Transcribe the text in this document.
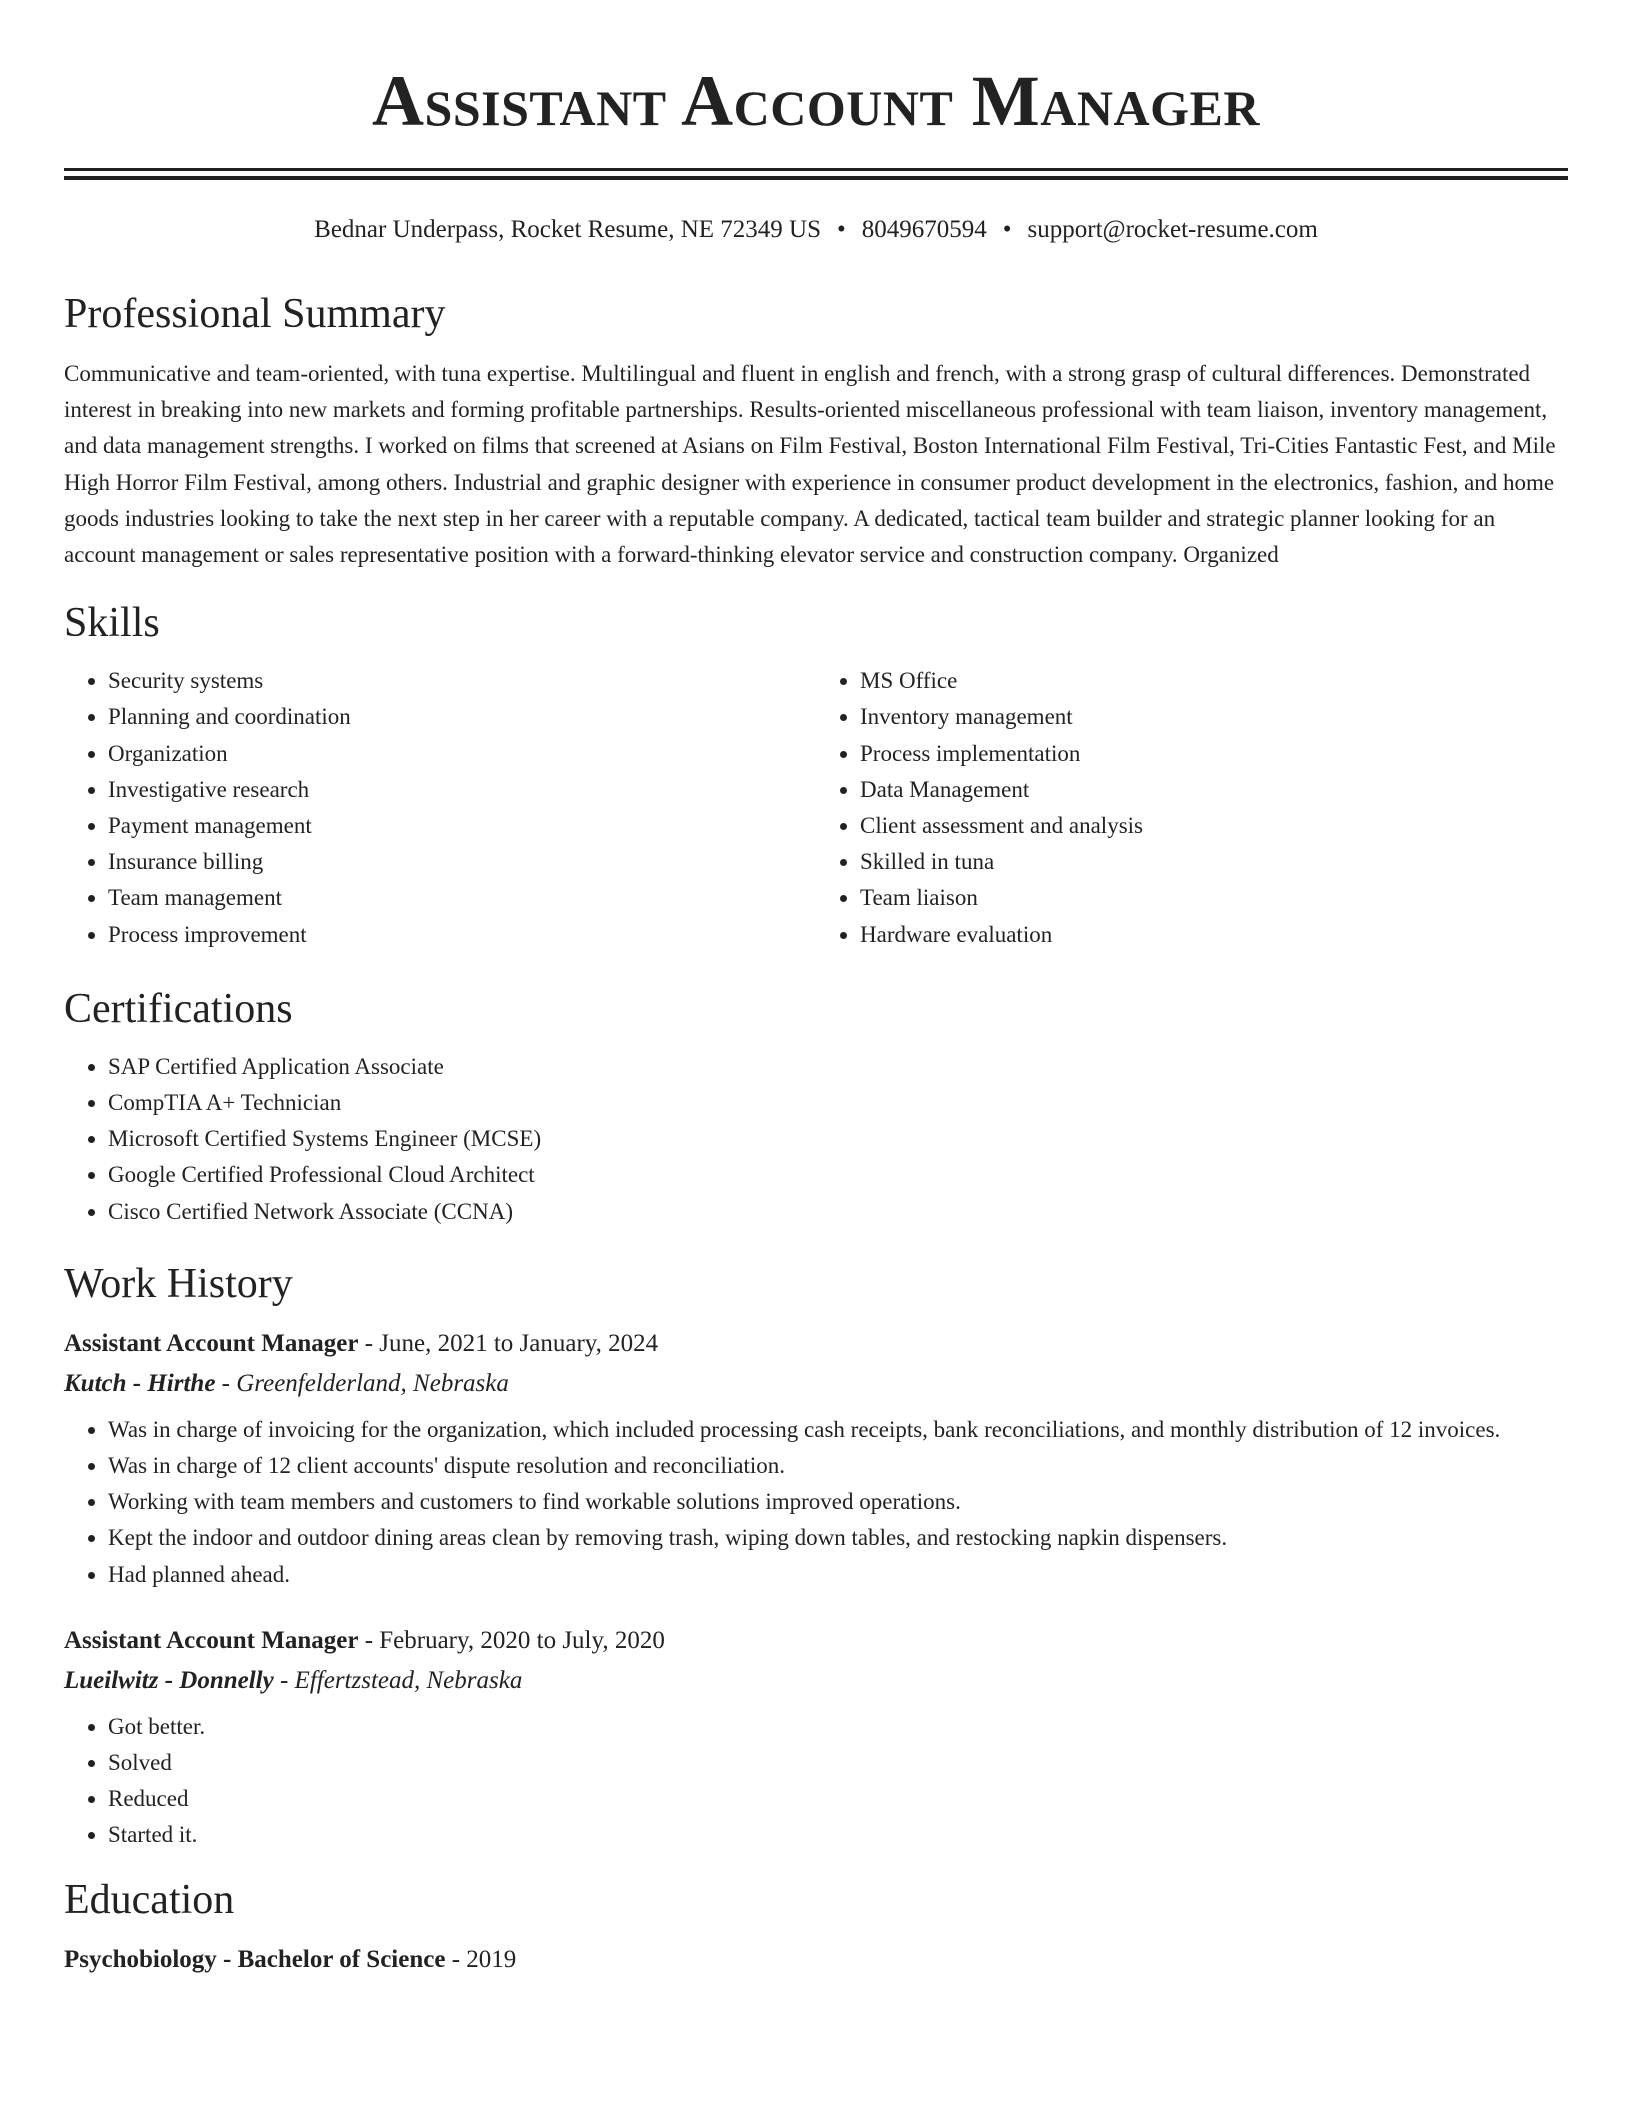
Assistant Account Manager
Bednar Underpass, Rocket Resume, NE 72349 US • 8049670594 • support@rocket-resume.com
Professional Summary

Communicative and team-oriented, with tuna expertise. Multilingual and fluent in english and french, with a strong grasp of cultural differences. Demonstrated interest in breaking into new markets and forming profitable partnerships. Results-oriented miscellaneous professional with team liaison, inventory management, and data management strengths. I worked on films that screened at Asians on Film Festival, Boston International Film Festival, Tri-Cities Fantastic Fest, and Mile High Horror Film Festival, among others. Industrial and graphic designer with experience in consumer product development in the electronics, fashion, and home goods industries looking to take the next step in her career with a reputable company. A dedicated, tactical team builder and strategic planner looking for an account management or sales representative position with a forward-thinking elevator service and construction company. Organized

Skills
• Security systems
• Planning and coordination
• Organization
• Investigative research
• Payment management
• Insurance billing
• Team management
• Process improvement
• MS Office
• Inventory management
• Process implementation
• Data Management
• Client assessment and analysis
• Skilled in tuna
• Team liaison
• Hardware evaluation
Certifications
• SAP Certified Application Associate
• CompTIA A+ Technician
• Microsoft Certified Systems Engineer (MCSE)
• Google Certified Professional Cloud Architect
• Cisco Certified Network Associate (CCNA)
Work History
Assistant Account Manager - June, 2021 to January, 2024
Kutch - Hirthe - Greenfelderland, Nebraska
• Was in charge of invoicing for the organization, which included processing cash receipts, bank reconciliations, and monthly distribution of 12 invoices.
• Was in charge of 12 client accounts' dispute resolution and reconciliation.
• Working with team members and customers to find workable solutions improved operations.
• Kept the indoor and outdoor dining areas clean by removing trash, wiping down tables, and restocking napkin dispensers.
• Had planned ahead.
Assistant Account Manager - February, 2020 to July, 2020
Lueilwitz - Donnelly - Effertzstead, Nebraska
• Got better.
• Solved
• Reduced
• Started it.
Education
Psychobiology - Bachelor of Science - 2019
